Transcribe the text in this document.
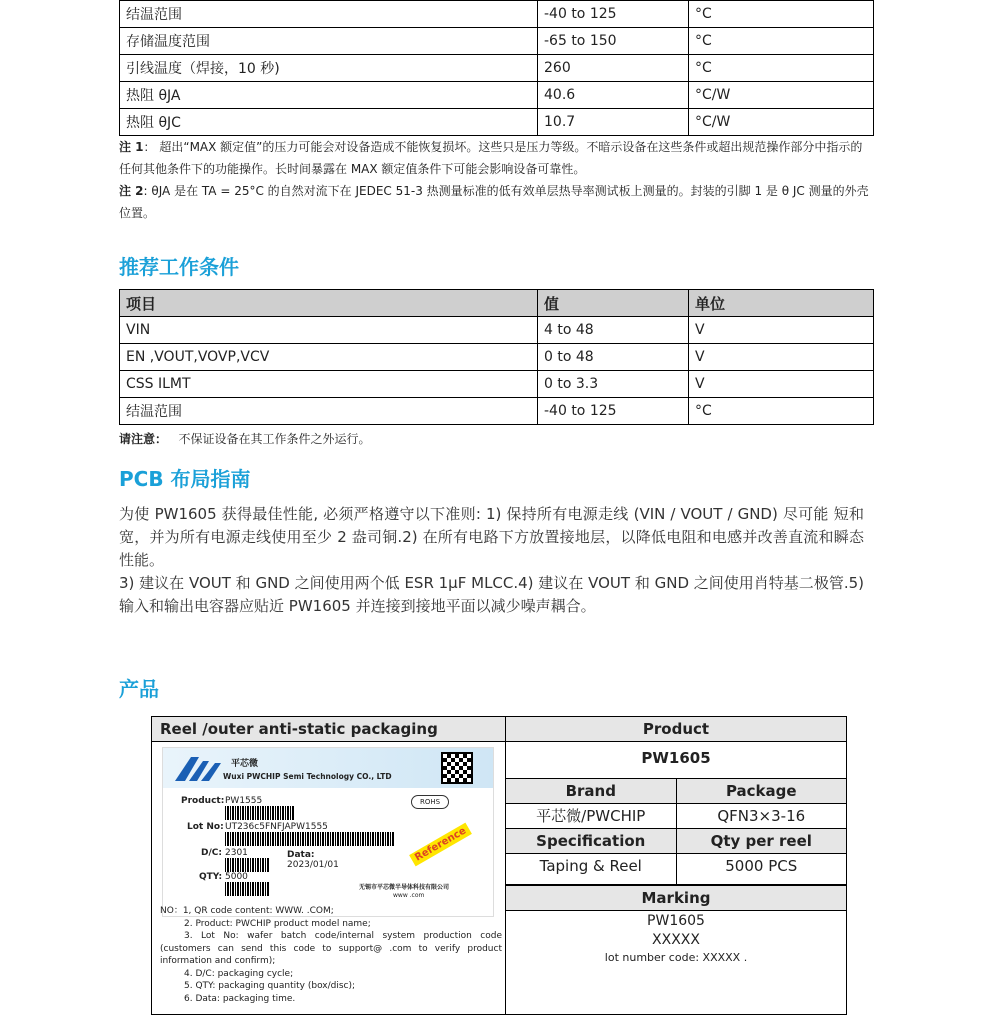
结温范围	-40 to 125	°C
存储温度范围	-65 to 150	°C
引线温度（焊接，10 秒)	260	°C
热阻 θJA	40.6	°C/W
热阻 θJC	10.7	°C/W
注 1： 超出“MAX 额定值”的压力可能会对设备造成不能恢复损坏。这些只是压力等级。不暗示设备在这些条件或超出规范操作部分中指示的任何其他条件下的功能操作。长时间暴露在 MAX 额定值条件下可能会影响设备可靠性。
注 2: θJA 是在 TA = 25°C 的自然对流下在 JEDEC 51-3 热测量标准的低有效单层热导率测试板上测量的。封装的引脚 1 是 θ JC 测量的外壳位置。
推荐工作条件
项目	值	单位
VIN	4 to 48	V
EN ,VOUT,VOVP,VCV	0 to 48	V
CSS ILMT	0 to 3.3	V
结温范围	-40 to 125	°C
请注意： 不保证设备在其工作条件之外运行。
PCB 布局指南
为使 PW1605 获得最佳性能, 必须严格遵守以下准则: 1) 保持所有电源走线 (VIN / VOUT / GND) 尽可能 短和宽，并为所有电源走线使用至少 2 盎司铜.2) 在所有电路下方放置接地层，以降低电阻和电感并改善直流和瞬态性能。
3) 建议在 VOUT 和 GND 之间使用两个低 ESR 1μF MLCC.4) 建议在 VOUT 和 GND 之间使用肖特基二极管.5) 输入和输出电容器应贴近 PW1605 并连接到接地平面以减少噪声耦合。
产品
Reel /outer anti-static packaging
平芯微
Wuxi PWCHIP Semi Technology CO., LTD
Product: PW1555	ROHS
Lot No: UT236c5FNFJAPW1555
D/C: 2301	Data:
2023/01/01
Reference
QTY: 5000
无锡市平芯微半导体科技有限公司
www .com
NO：1, QR code content: WWW. .COM;
2. Product: PWCHIP product model name;
3. Lot No: wafer batch code/internal system production code (customers can send this code to support@ .com to verify product information and confirm);
4. D/C: packaging cycle;
5. QTY: packaging quantity (box/disc);
6. Data: packaging time.
Product
PW1605
Brand	Package
平芯微/PWCHIP	QFN3×3-16
Specification	Qty per reel
Taping & Reel	5000 PCS
Marking
PW1605
XXXXX
lot number code: XXXXX .
